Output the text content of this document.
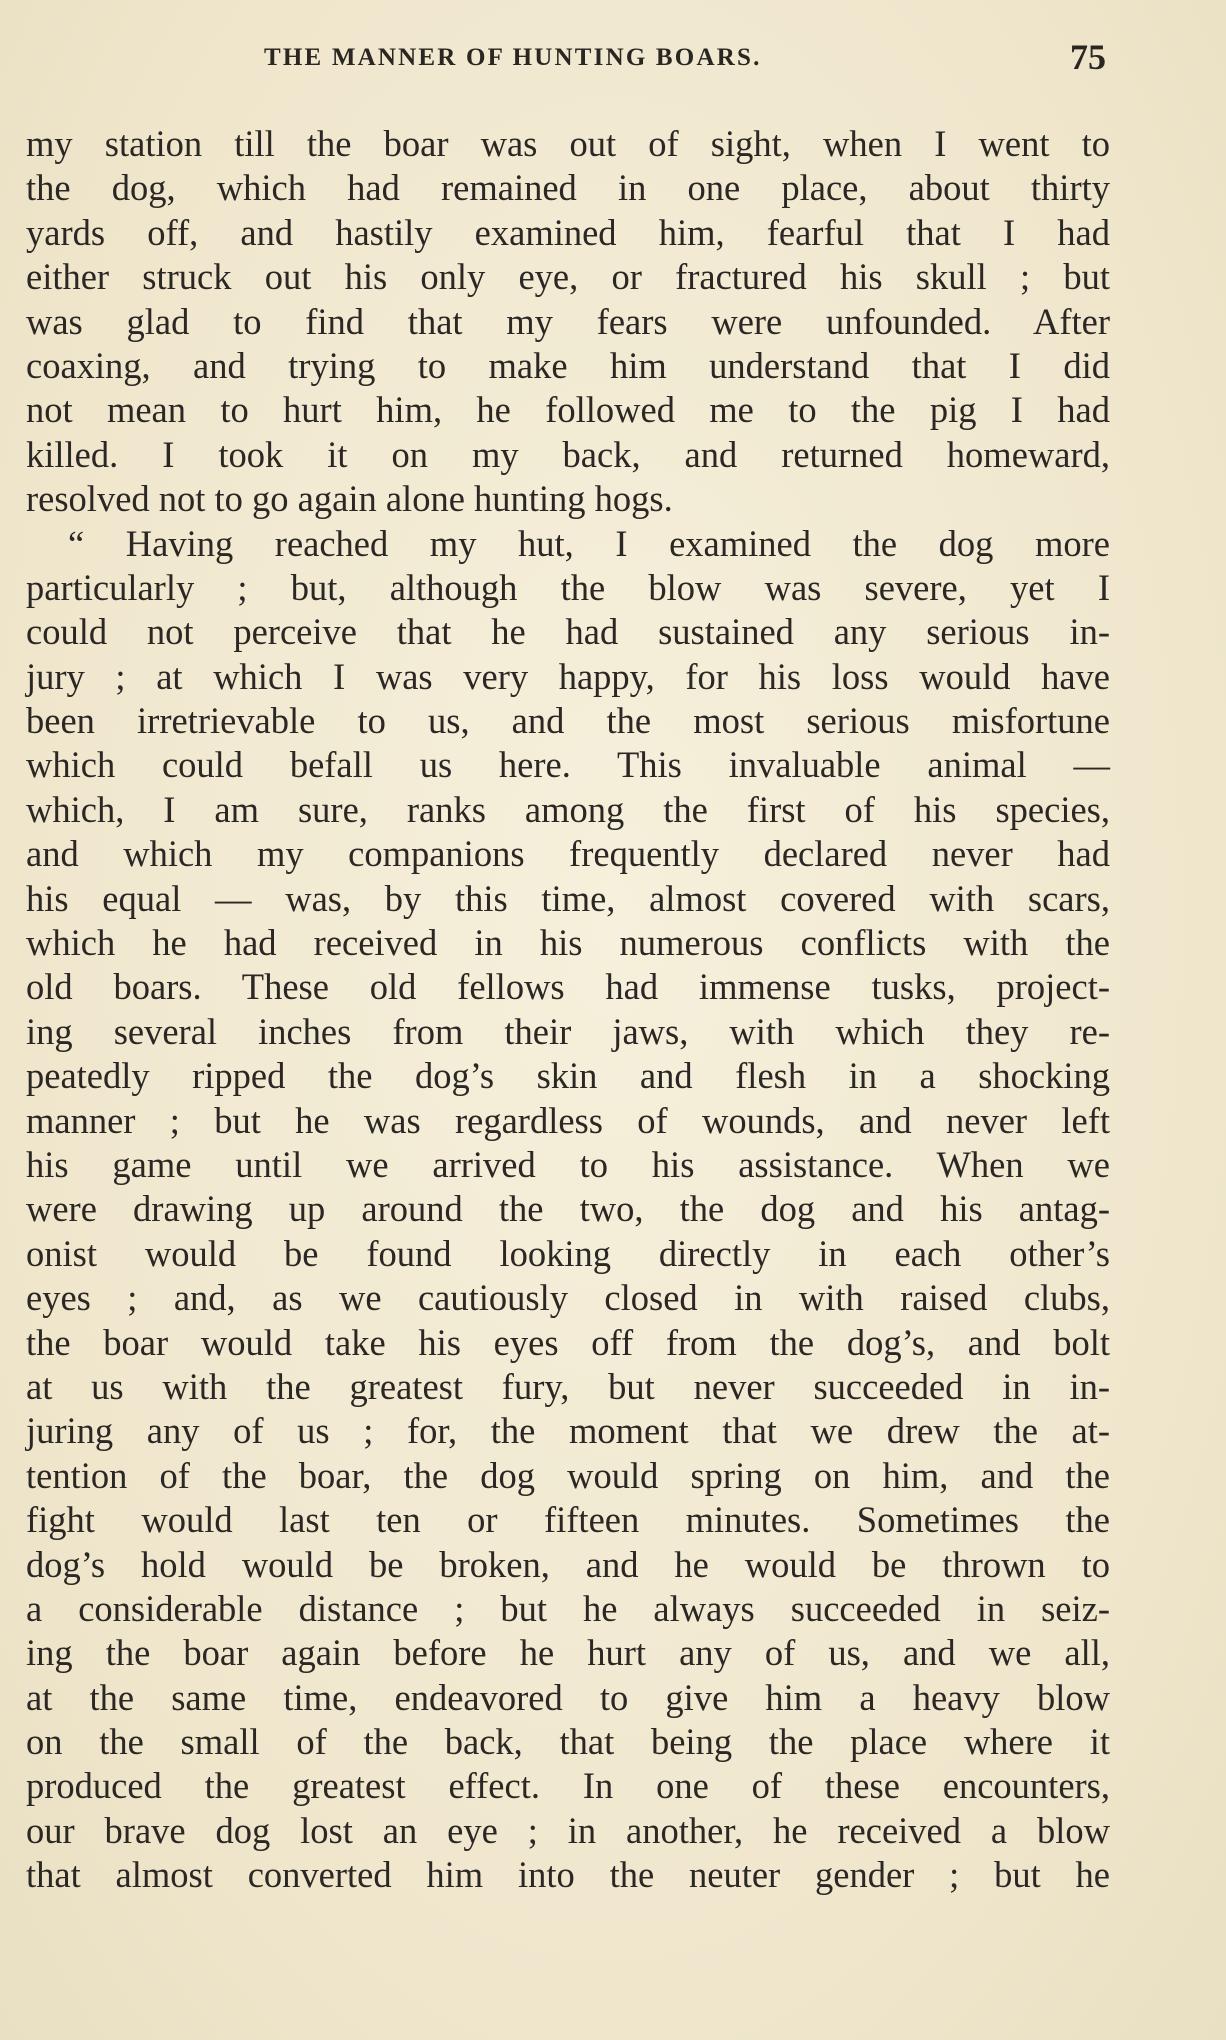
THE MANNER OF HUNTING BOARS.	75
my station till the boar was out of sight, when I went to
the dog, which had remained in one place, about thirty
yards off, and hastily examined him, fearful that I had
either struck out his only eye, or fractured his skull ; but
was glad to find that my fears were unfounded. After
coaxing, and trying to make him understand that I did
not mean to hurt him, he followed me to the pig I had
killed. I took it on my back, and returned homeward,
resolved not to go again alone hunting hogs.
“ Having reached my hut, I examined the dog more
particularly ; but, although the blow was severe, yet I
could not perceive that he had sustained any serious in-
jury ; at which I was very happy, for his loss would have
been irretrievable to us, and the most serious misfortune
which could befall us here. This invaluable animal —
which, I am sure, ranks among the first of his species,
and which my companions frequently declared never had
his equal — was, by this time, almost covered with scars,
which he had received in his numerous conflicts with the
old boars. These old fellows had immense tusks, project-
ing several inches from their jaws, with which they re-
peatedly ripped the dog’s skin and flesh in a shocking
manner ; but he was regardless of wounds, and never left
his game until we arrived to his assistance. When we
were drawing up around the two, the dog and his antag-
onist would be found looking directly in each other’s
eyes ; and, as we cautiously closed in with raised clubs,
the boar would take his eyes off from the dog’s, and bolt
at us with the greatest fury, but never succeeded in in-
juring any of us ; for, the moment that we drew the at-
tention of the boar, the dog would spring on him, and the
fight would last ten or fifteen minutes. Sometimes the
dog’s hold would be broken, and he would be thrown to
a considerable distance ; but he always succeeded in seiz-
ing the boar again before he hurt any of us, and we all,
at the same time, endeavored to give him a heavy blow
on the small of the back, that being the place where it
produced the greatest effect. In one of these encounters,
our brave dog lost an eye ; in another, he received a blow
that almost converted him into the neuter gender ; but he
